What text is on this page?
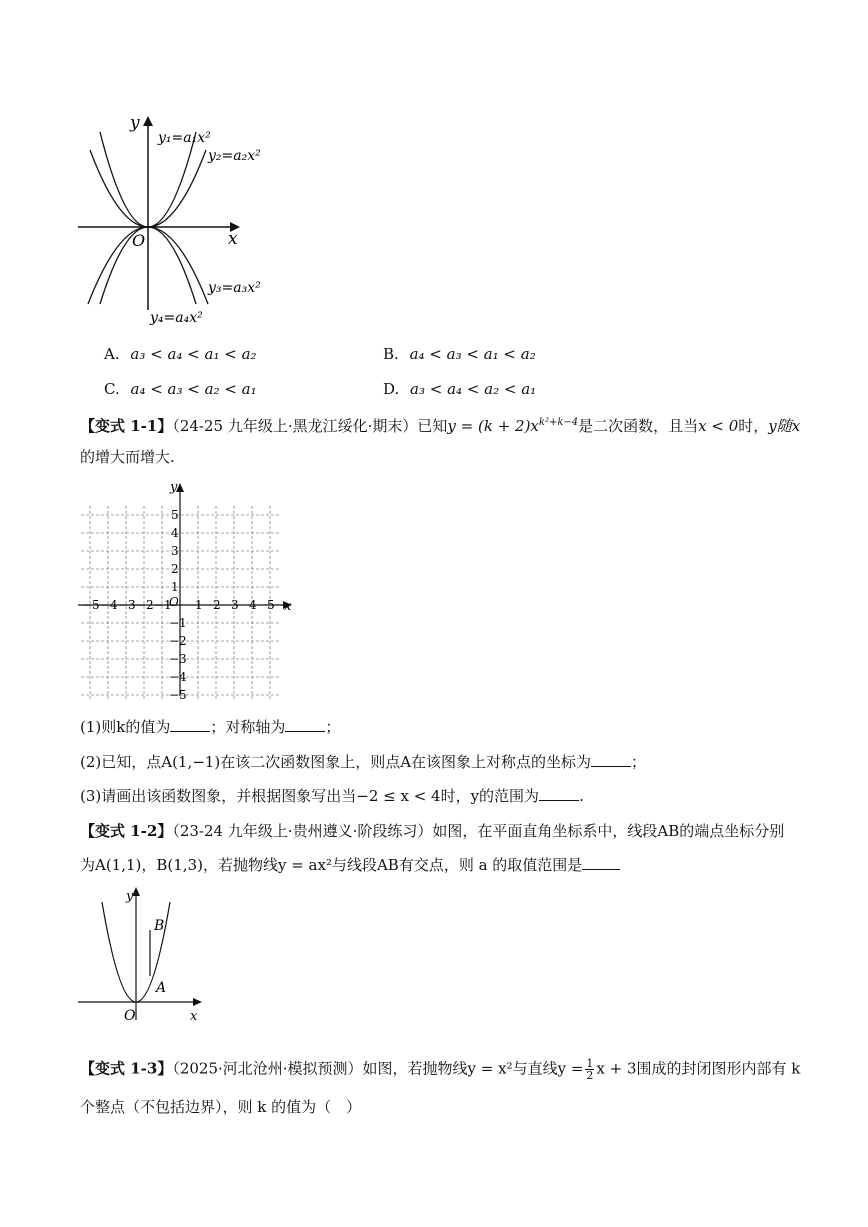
y
x
O
y₁=a₁x²
y₂=a₂x²
y₃=a₃x²
y₄=a₄x²
A. a₃ < a₄ < a₁ < a₂	B. a₄ < a₃ < a₁ < a₂
C. a₄ < a₃ < a₂ < a₁	D. a₃ < a₄ < a₂ < a₁
【变式 1-1】（24-25 九年级上·黑龙江绥化·期末）已知$y = (k + 2)x^{k^2+k-4}$是二次函数，且当x < 0时，y随x
的增大而增大.
x
y
O
−5 −4 −3 −2 −1 1 2 3 4 5
5
4
3
2
1
−1
−2
−3
−4
−5
(1)则k的值为	；对称轴为	；
(2)已知，点A(1,−1)在该二次函数图象上，则点A在该图象上对称点的坐标为	；
(3)请画出该函数图象，并根据图象写出当−2 ≤ x < 4时，y的范围为	.
【变式 1-2】（23-24 九年级上·贵州遵义·阶段练习）如图，在平面直角坐标系中，线段AB的端点坐标分别
为A(1,1)，B(1,3)，若抛物线y = ax²与线段AB有交点，则 a 的取值范围是
y
x
O
B
A
【变式 1-3】（2025·河北沧州·模拟预测）如图，若抛物线y = x²与直线$y = \frac{1}{2}$ x + 3围成的封闭图形内部有 k
个整点（不包括边界），则 k 的值为（　）
